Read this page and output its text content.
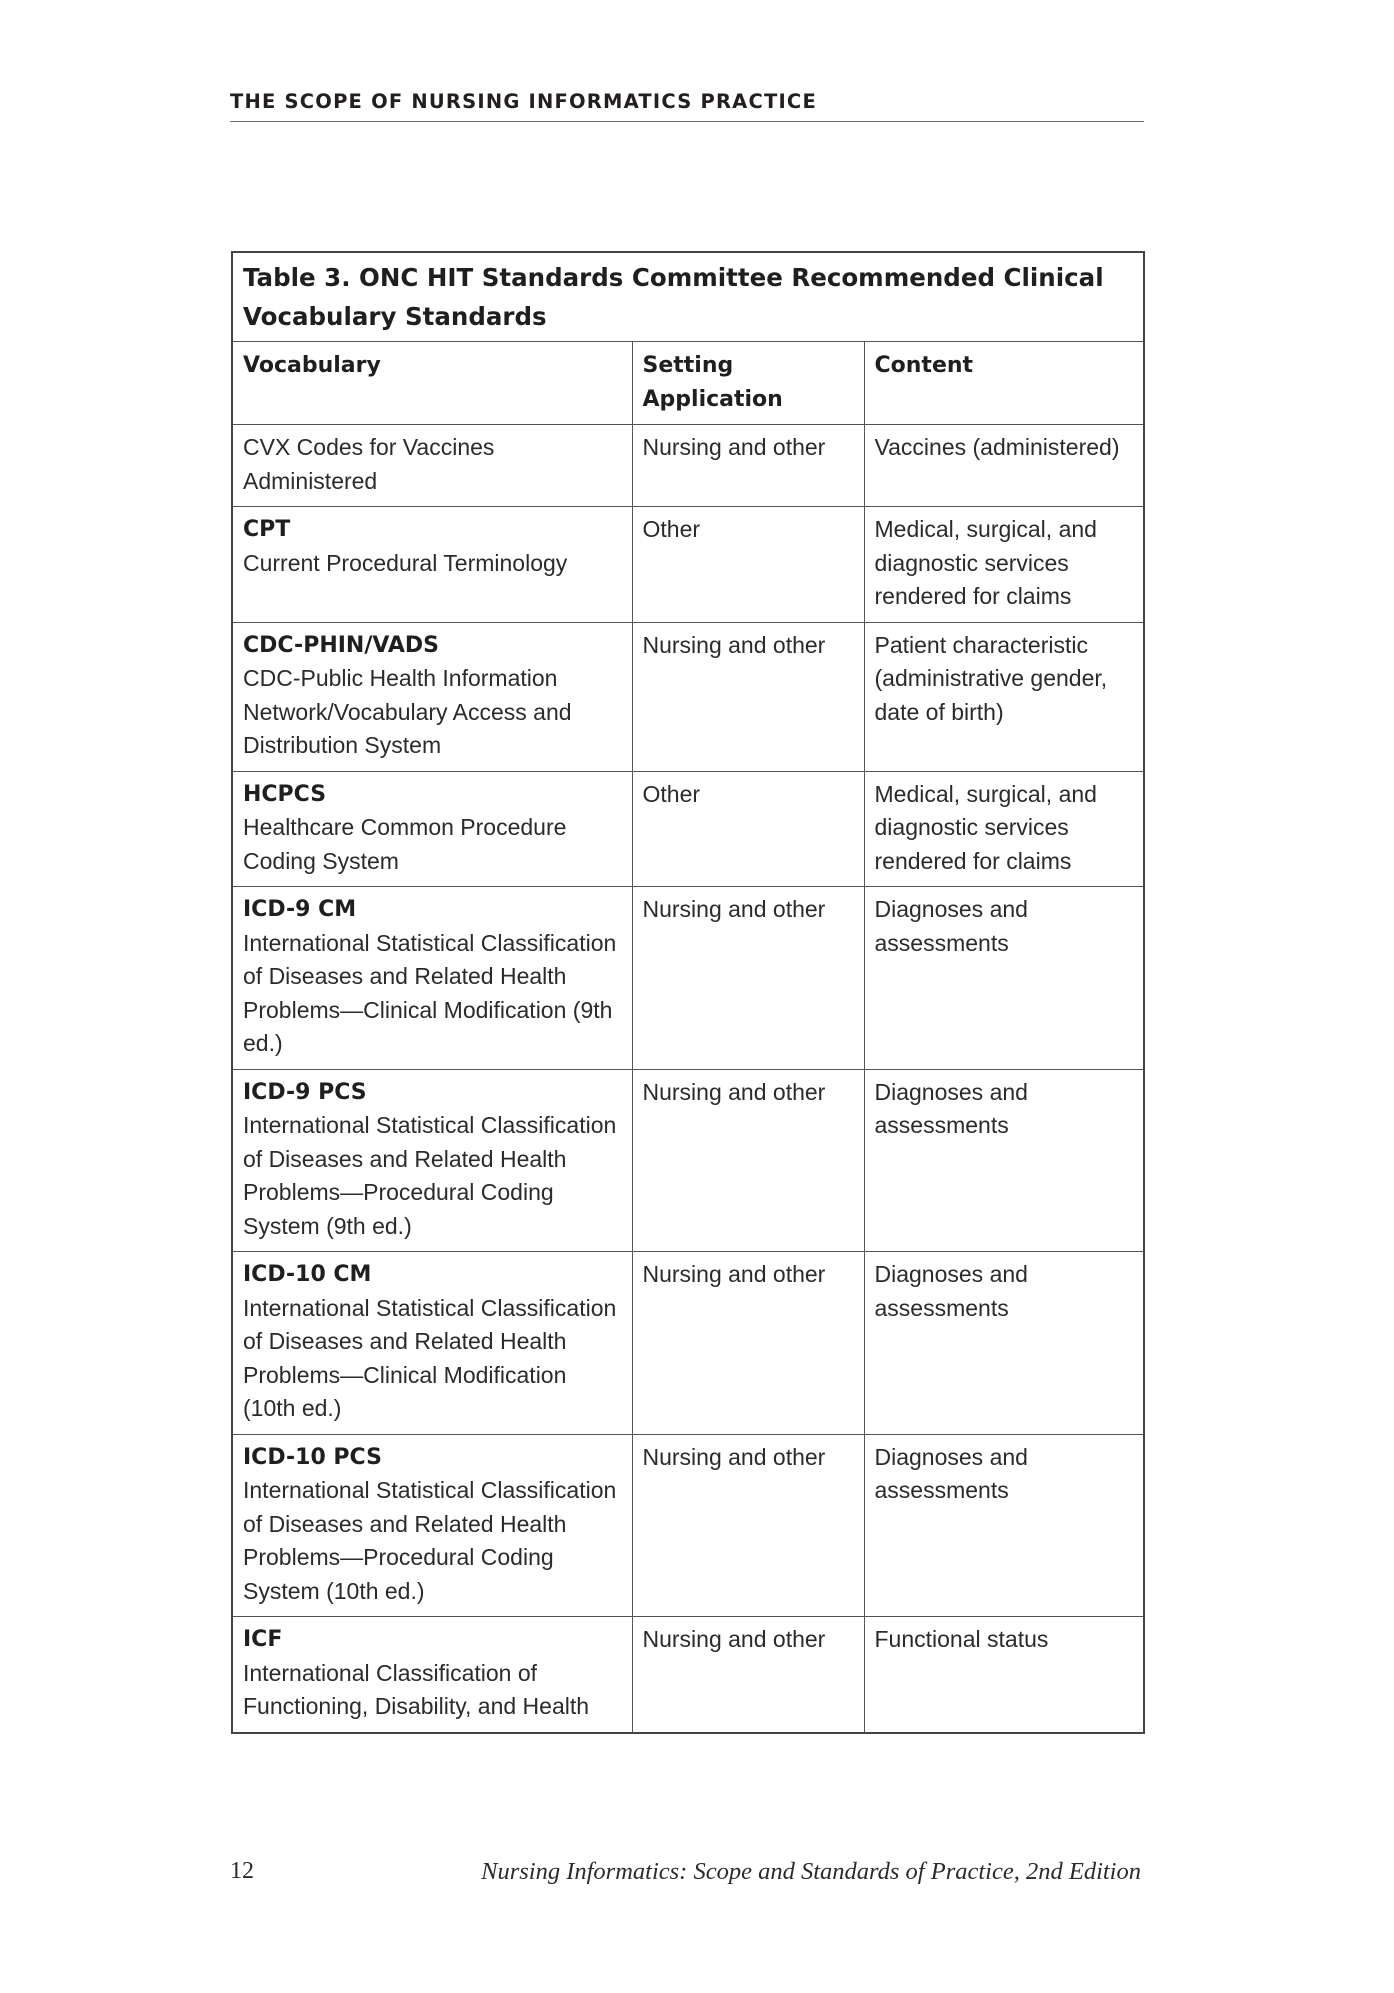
THE SCOPE OF NURSING INFORMATICS PRACTICE
Table 3. ONC HIT Standards Committee Recommended Clinical Vocabulary Standards		
Vocabulary	Setting Application	Content

CVX Codes for Vaccines Administered	Nursing and other	Vaccines (administered)

CPT
Current Procedural Terminology	Other	Medical, surgical, and diagnostic services rendered for claims

CDC-PHIN/VADS
CDC-Public Health Information Network/Vocabulary Access and Distribution System	Nursing and other	Patient characteristic (administrative gender, date of birth)

HCPCS
Healthcare Common Procedure Coding System	Other	Medical, surgical, and diagnostic services rendered for claims

ICD-9 CM
International Statistical Classification of Diseases and Related Health Problems—Clinical Modification (9th ed.)	Nursing and other	Diagnoses and assessments

ICD-9 PCS
International Statistical Classification of Diseases and Related Health Problems—Procedural Coding System (9th ed.)	Nursing and other	Diagnoses and assessments

ICD-10 CM
International Statistical Classification of Diseases and Related Health Problems—Clinical Modification (10th ed.)	Nursing and other	Diagnoses and assessments

ICD-10 PCS
International Statistical Classification of Diseases and Related Health Problems—Procedural Coding System (10th ed.)	Nursing and other	Diagnoses and assessments

ICF
International Classification of Functioning, Disability, and Health	Nursing and other	Functional status
12	Nursing Informatics: Scope and Standards of Practice, 2nd Edition
